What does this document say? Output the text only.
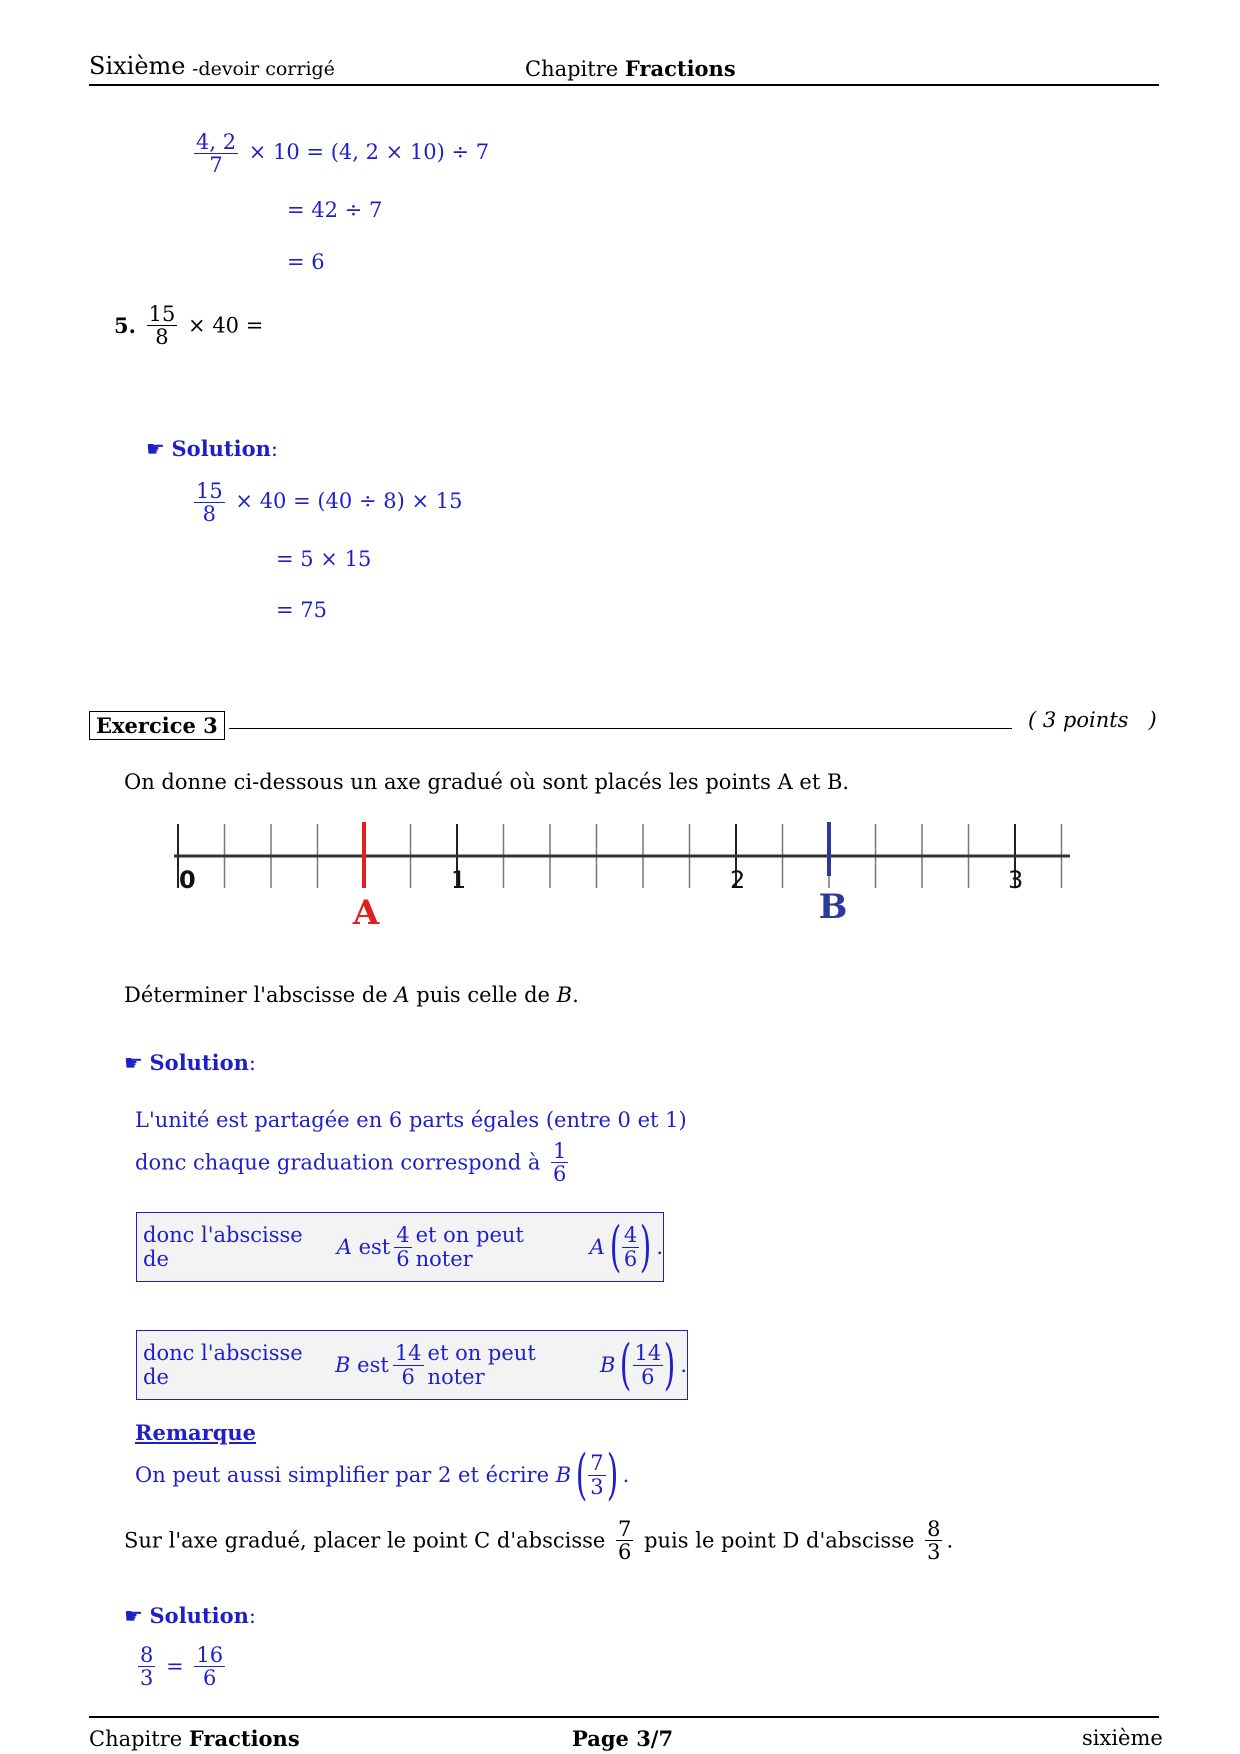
Sixième -devoir corrigé	Chapitre Fractions
$\frac{4, 2}{7} \times 10 = (4$, 2 × 10) ÷ 7
= 42 ÷ 7
= 6
5. $\frac{15}{8} \times 40$ =
☛ Solution:
$\frac{15}{8} \times 40 = (40 \div 8) \times 15$
= 5 × 15
= 75
Exercice 3	( 3 points   )
On donne ci-dessous un axe gradué où sont placés les points A et B.
0	1	2	3
A	B
Déterminer l'abscisse de A puis celle de B.
☛ Solution:
L'unité est partagée en 6 parts égales (entre 0 et 1)
donc chaque graduation correspond à $\frac{1}{6}$
donc l'abscisse de
	A
est $\frac{4}{6}$ et on peut noter
	A ( $\frac{4}{6}$ ) .
donc l'abscisse de
	B
est $\frac{14}{6}$ et on peut noter
	B ( $\frac{14}{6}$ ) .
Remarque
On peut aussi simplifier par 2 et écrire
B ( $\frac{7}{3}$ ) .
Sur l'axe gradué, placer le point C d'abscisse $\frac{7}{6}$ puis le point D d'abscisse $\frac{8}{3}$ .
☛ Solution:
$\frac{8}{3} = \frac{16}{6}$
Chapitre Fractions	Page 3/7	sixième
